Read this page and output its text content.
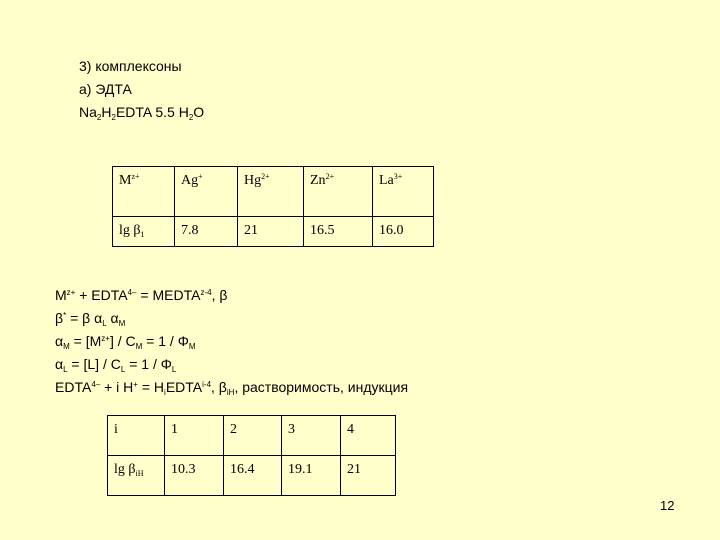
3) комплексоны
а) ЭДТА
$Na_2H_2EDTA$ 5.5 $H_2O$
$M^{z+}$	Ag+	$Hg^{2+}$	$Zn^{2+}$	$La^{3+}$
$\lg \beta_1$	7.8	21	16.5	16.0
$M^{z+}$ + $EDTA^{4-}$ = $MEDTA^{z-4}$, β
β* = β $\alpha_L$ $\alpha_M$
$\alpha_M = [M^{z+}] / C_M = 1 / \Phi_M$
$\alpha_L = [L] / C_L = 1 / \Phi_L$
$EDTA^{4-} + i$ $H^+ = H_iEDTA^{i-4}$, $\beta_{iH}$, растворимость, индукция
i	1	2	3	4
$\lg \beta_{iH}$	10.3	16.4	19.1	21
12
